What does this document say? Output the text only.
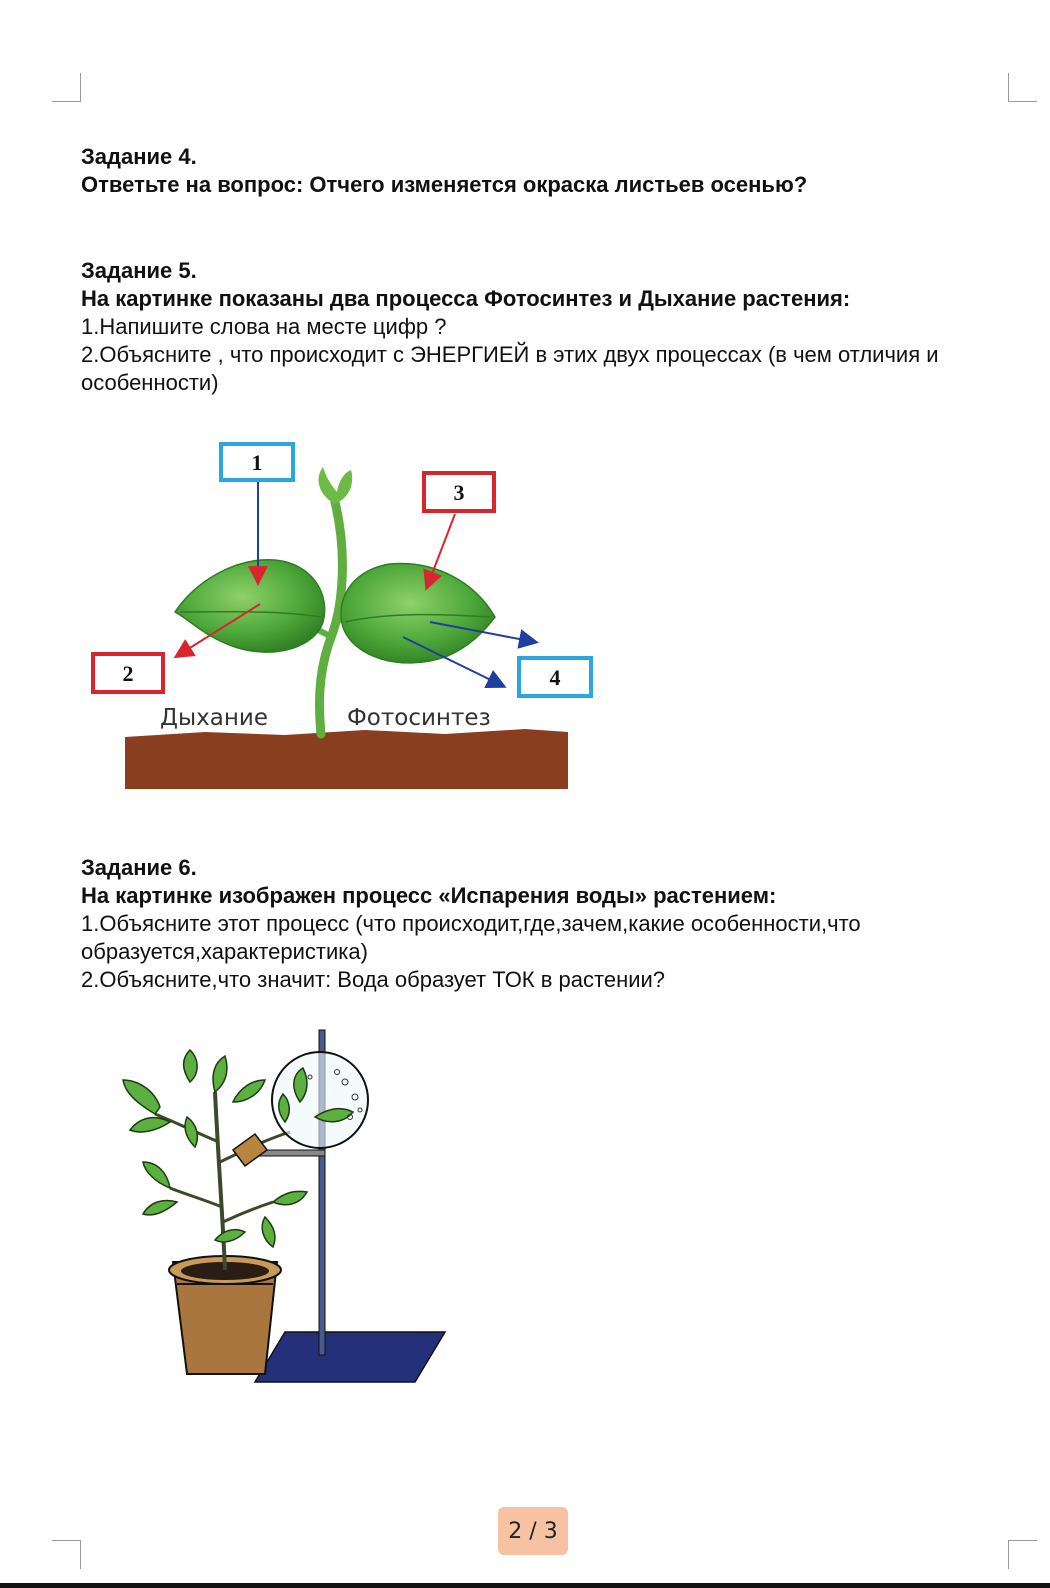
Задание 4.

Ответьте на вопрос: Отчего изменяется окраска листьев осенью?

Задание 5.

На картинке показаны два процесса Фотосинтез и Дыхание растения:

1.Напишите слова на месте цифр ?

2.Объясните , что происходит с ЭНЕРГИЕЙ в этих двух процессах (в чем отличия и особенности)

1
2
3
4
Дыхание	Фотосинтез

Задание 6.

На картинке изображен процесс «Испарения воды» растением:

1.Объясните этот процесс (что происходит,где,зачем,какие особенности,что образуется,характеристика)

2.Объясните,что значит: Вода образует ТОК в растении?

2 / 3
